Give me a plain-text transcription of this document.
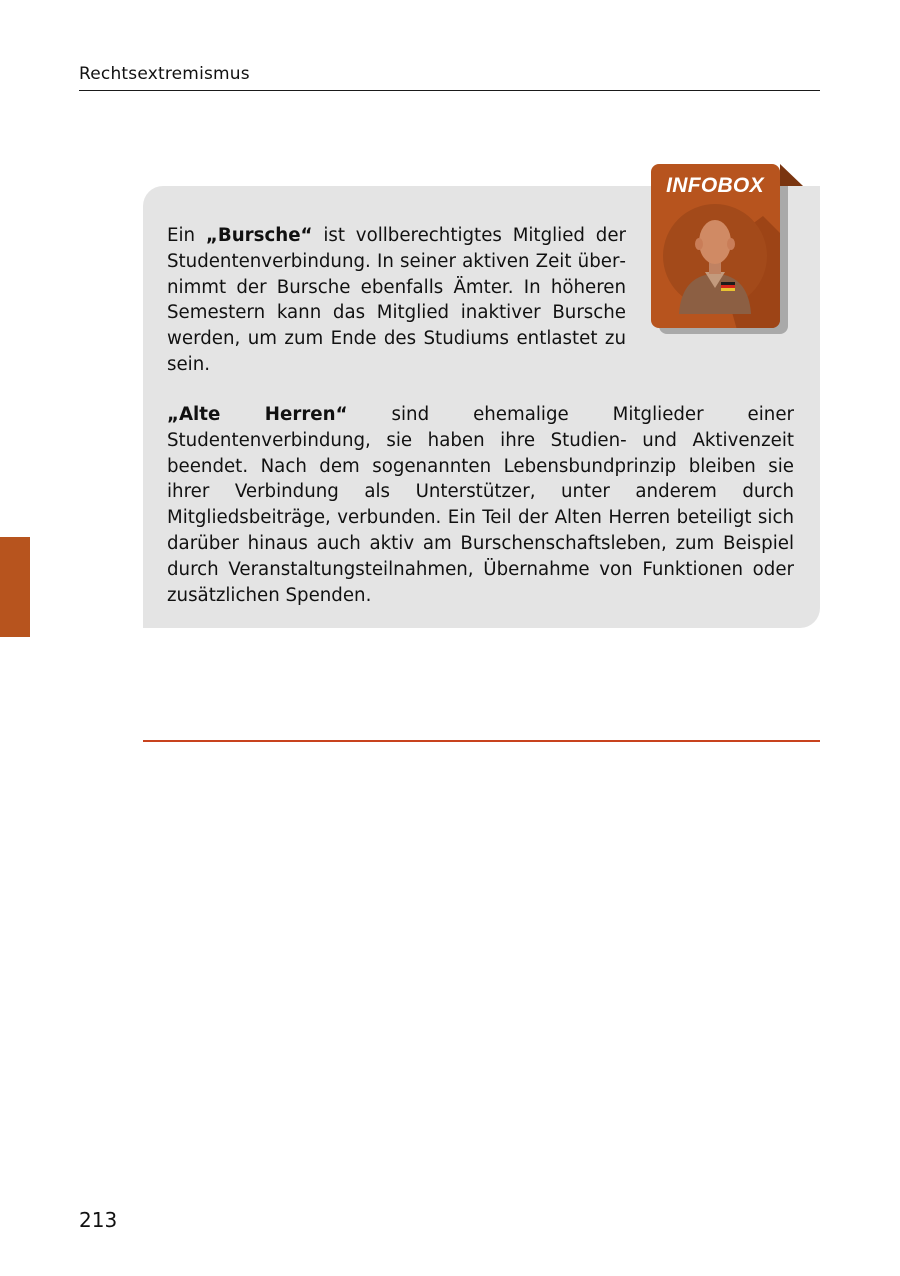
Rechtsextremismus

Ein „Bursche“ ist vollberechtigtes Mitglied der Studentenverbindung. In seiner aktiven Zeit übernimmt der Bursche ebenfalls Ämter. In höheren Semestern kann das Mitglied inaktiver Bursche werden, um zum Ende des Studiums entlastet zu sein.

„Alte Herren“ sind ehemalige Mitglieder einer Studentenverbindung, sie haben ihre Studien- und Aktivenzeit beendet. Nach dem sogenannten Lebensbundprinzip bleiben sie ihrer Verbindung als Unterstützer, unter anderem durch Mitgliedsbeiträge, verbunden. Ein Teil der Alten Herren beteiligt sich darüber hinaus auch aktiv am Burschenschaftsleben, zum Beispiel durch Veranstaltungsteilnahmen, Übernahme von Funktionen oder zusätzlichen Spenden.

INFOBOX
213
